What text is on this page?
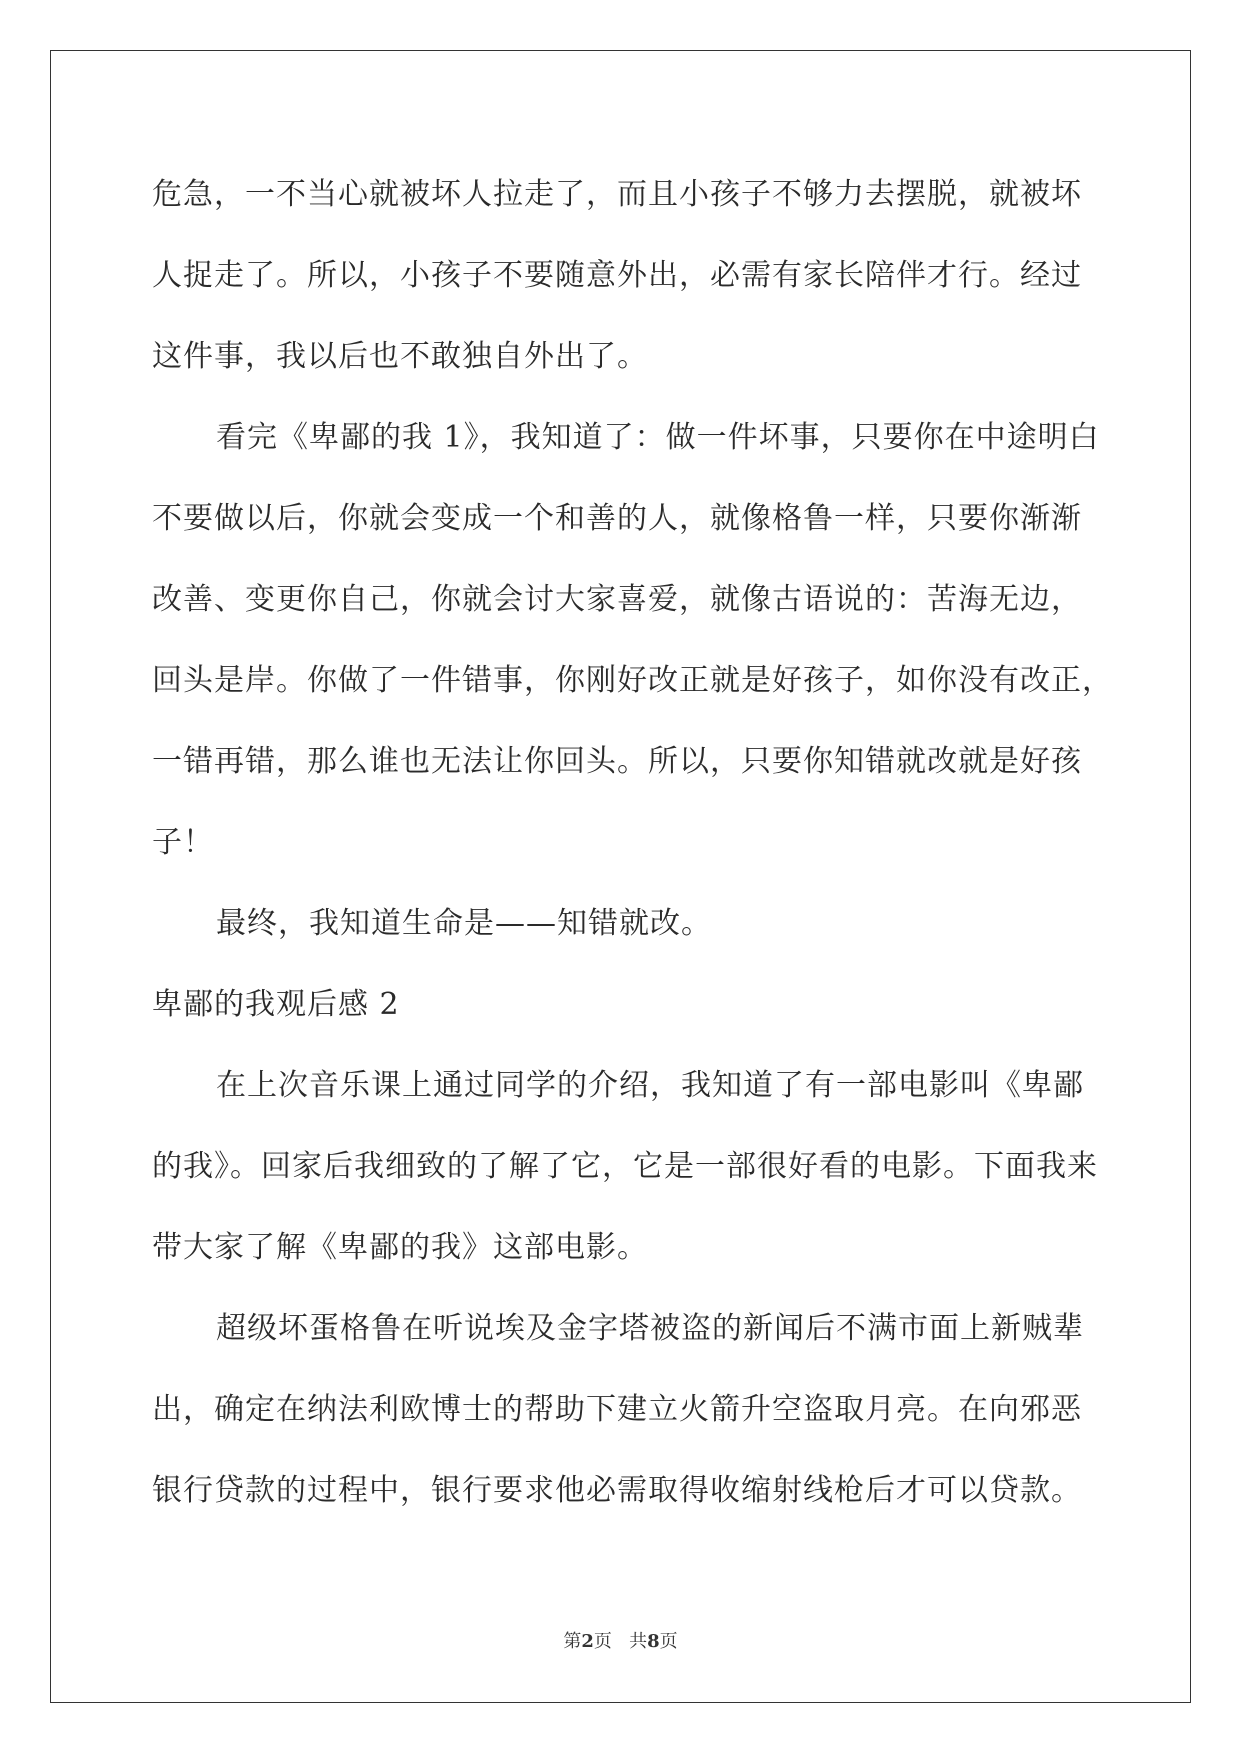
危急，一不当心就被坏人拉走了，而且小孩子不够力去摆脱，就被坏
人捉走了。所以，小孩子不要随意外出，必需有家长陪伴才行。经过
这件事，我以后也不敢独自外出了。
看完《卑鄙的我 1》，我知道了：做一件坏事，只要你在中途明白
不要做以后，你就会变成一个和善的人，就像格鲁一样，只要你渐渐
改善、变更你自己，你就会讨大家喜爱，就像古语说的：苦海无边，
回头是岸。你做了一件错事，你刚好改正就是好孩子，如你没有改正，
一错再错，那么谁也无法让你回头。所以，只要你知错就改就是好孩
子！
最终，我知道生命是——知错就改。
卑鄙的我观后感 2
在上次音乐课上通过同学的介绍，我知道了有一部电影叫《卑鄙
的我》。回家后我细致的了解了它，它是一部很好看的电影。下面我来
带大家了解《卑鄙的我》这部电影。
超级坏蛋格鲁在听说埃及金字塔被盗的新闻后不满市面上新贼辈
出，确定在纳法利欧博士的帮助下建立火箭升空盗取月亮。在向邪恶
银行贷款的过程中，银行要求他必需取得收缩射线枪后才可以贷款。
第2页 共8页
